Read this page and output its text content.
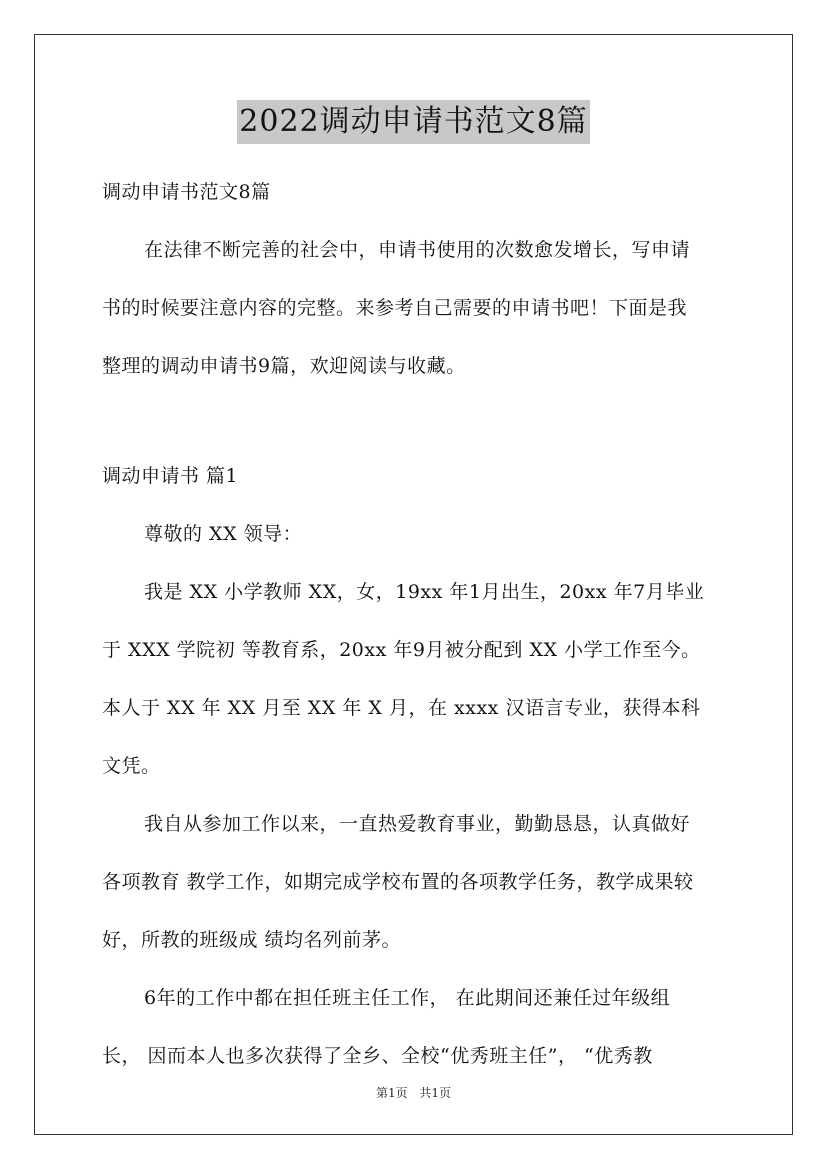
2022调动申请书范文8篇
调动申请书范文8篇
在法律不断完善的社会中，申请书使用的次数愈发增长，写申请
书的时候要注意内容的完整。来参考自己需要的申请书吧！下面是我
整理的调动申请书9篇，欢迎阅读与收藏。
调动申请书 篇1
尊敬的 XX 领导：
我是 XX 小学教师 XX，女，19xx 年1月出生，20xx 年7月毕业
于 XXX 学院初 等教育系，20xx 年9月被分配到 XX 小学工作至今。
本人于 XX 年 XX 月至 XX 年 X 月，在 xxxx 汉语言专业，获得本科
文凭。
我自从参加工作以来，一直热爱教育事业，勤勤恳恳，认真做好
各项教育 教学工作，如期完成学校布置的各项教学任务，教学成果较
好，所教的班级成 绩均名列前茅。
6年的工作中都在担任班主任工作， 在此期间还兼任过年级组
长， 因而本人也多次获得了全乡、全校“优秀班主任”， “优秀教
第1页 共1页
